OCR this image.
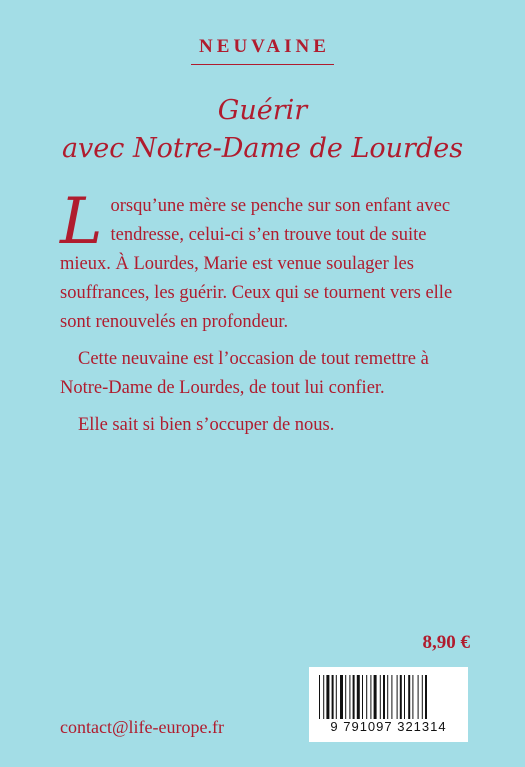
NEUVAINE
Guérir
avec Notre-Dame de Lourdes

Lorsqu’une mère se penche sur son enfant avec tendresse, celui-ci s’en trouve tout de suite mieux. À Lourdes, Marie est venue soulager les souffrances, les guérir. Ceux qui se tournent vers elle sont renouvelés en profondeur.

Cette neuvaine est l’occasion de tout remettre à Notre-Dame de Lourdes, de tout lui confier.

Elle sait si bien s’occuper de nous.

8,90 €
9 791097 321314
contact@life-europe.fr
